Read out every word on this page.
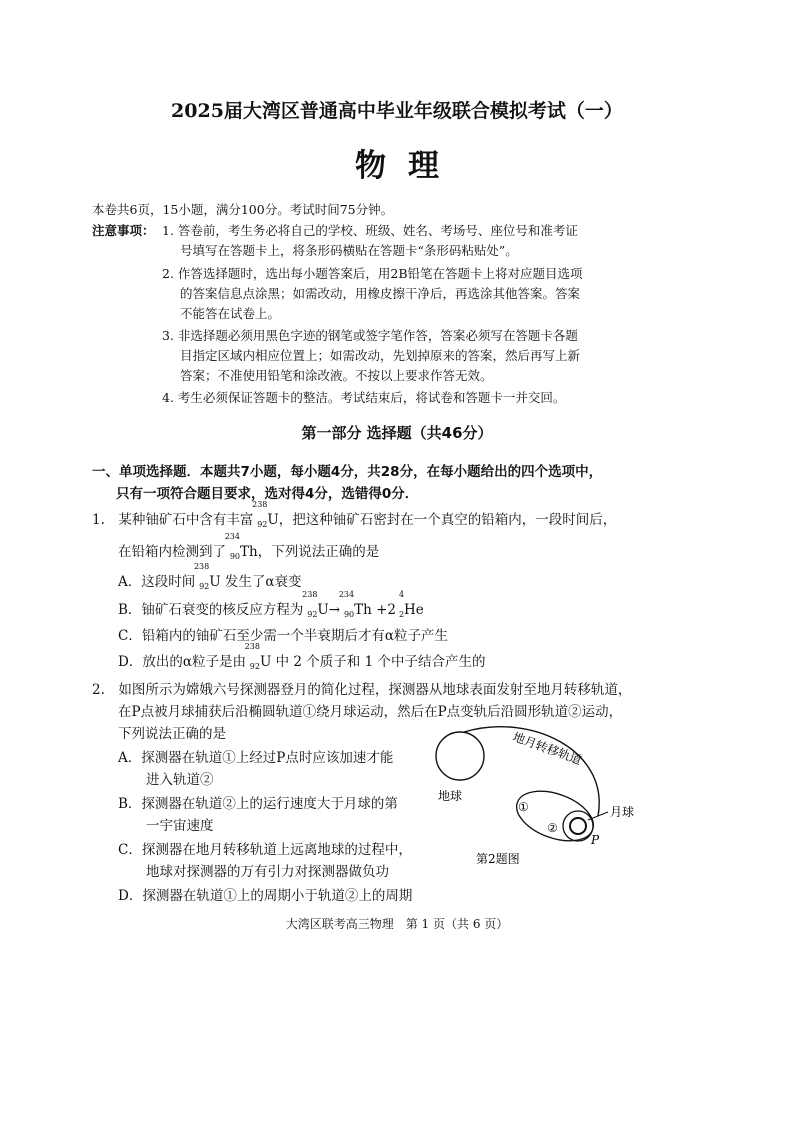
2025届大湾区普通高中毕业年级联合模拟考试（一）
物理
本卷共6页，15小题，满分100分。考试时间75分钟。
注意事项： 1. 答卷前，考生务必将自己的学校、班级、姓名、考场号、座位号和准考证
号填写在答题卡上，将条形码横贴在答题卡“条形码粘贴处”。
2. 作答选择题时，选出每小题答案后，用2B铅笔在答题卡上将对应题目选项
的答案信息点涂黑；如需改动，用橡皮擦干净后，再选涂其他答案。答案
不能答在试卷上。
3. 非选择题必须用黑色字迹的钢笔或签字笔作答，答案必须写在答题卡各题
目指定区域内相应位置上；如需改动，先划掉原来的答案，然后再写上新
答案；不准使用铅笔和涂改液。不按以上要求作答无效。
4. 考生必须保证答题卡的整洁。考试结束后，将试卷和答题卡一并交回。
第一部分 选择题（共46分）
一、单项选择题．本题共7小题，每小题4分，共28分，在每小题给出的四个选项中，
只有一项符合题目要求，选对得4分，选错得0分．
1.　某种铀矿石中含有丰富
238
92 U，把这种铀矿石密封在一个真空的铅箱内，一段时间后，
在铅箱内检测到了
234
90 Th，下列说法正确的是
A．这段时间
238
92 U 发生了α衰变
B．铀矿石衰变的核反应方程为
238
92 U→
234
90 Th +2
4
2 He
C．铅箱内的铀矿石至少需一个半衰期后才有α粒子产生
D．放出的α粒子是由
238
92 U 中 2 个质子和 1 个中子结合产生的
2.　如图所示为嫦娥六号探测器登月的简化过程，探测器从地球表面发射至地月转移轨道，
在P点被月球捕获后沿椭圆轨道①绕月球运动，然后在P点变轨后沿圆形轨道②运动，
下列说法正确的是
A．探测器在轨道①上经过P点时应该加速才能
进入轨道②
B．探测器在轨道②上的运行速度大于月球的第
一宇宙速度
C．探测器在地月转移轨道上远离地球的过程中，
地球对探测器的万有引力对探测器做负功
D．探测器在轨道①上的周期小于轨道②上的周期
地球
地月转移轨道
①
②
月球
P
第2题图
大湾区联考高三物理　第 1 页（共 6 页）
